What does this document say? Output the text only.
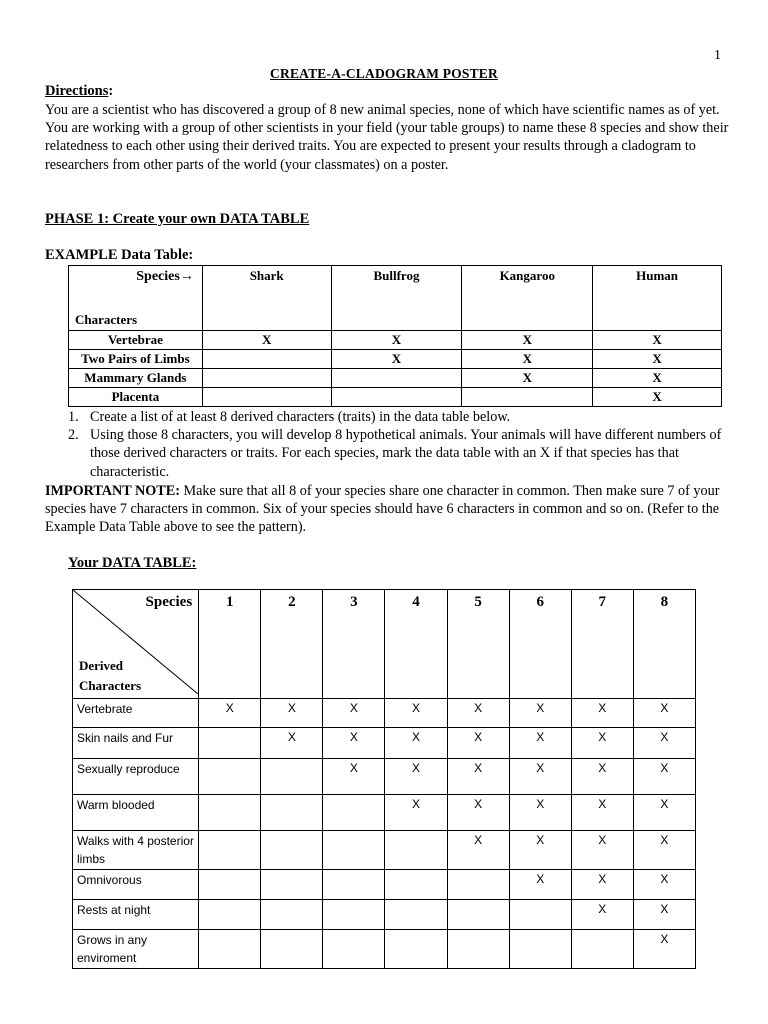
1
CREATE-A-CLADOGRAM POSTER
Directions:
You are a scientist who has discovered a group of 8 new animal species, none of which have scientific names as of yet. You are working with a group of other scientists in your field (your table groups) to name these 8 species and show their relatedness to each other using their derived traits. You are expected to present your results through a cladogram to researchers from other parts of the world (your classmates) on a poster.
PHASE 1: Create your own DATA TABLE
EXAMPLE Data Table:
Species→
Characters	Shark	Bullfrog	Kangaroo	Human
Vertebrae	X	X	X	X
Two Pairs of Limbs		X	X	X
Mammary Glands			X	X
Placenta				X
1. Create a list of at least 8 derived characters (traits) in the data table below.
2. Using those 8 characters, you will develop 8 hypothetical animals. Your animals will have different numbers of those derived characters or traits. For each species, mark the data table with an X if that species has that characteristic.
IMPORTANT NOTE: Make sure that all 8 of your species share one character in common. Then make sure 7 of your species have 7 characters in common. Six of your species should have 6 characters in common and so on. (Refer to the Example Data Table above to see the pattern).
Your DATA TABLE:
Species
Derived
Characters	1	2	3	4	5	6	7	8
Vertebrate	X	X	X	X	X	X	X	X
Skin nails and Fur		X	X	X	X	X	X	X
Sexually reproduce			X	X	X	X	X	X
Warm blooded				X	X	X	X	X
Walks with 4 posterior limbs					X	X	X	X
Omnivorous						X	X	X
Rests at night							X	X
Grows in any enviroment								X
